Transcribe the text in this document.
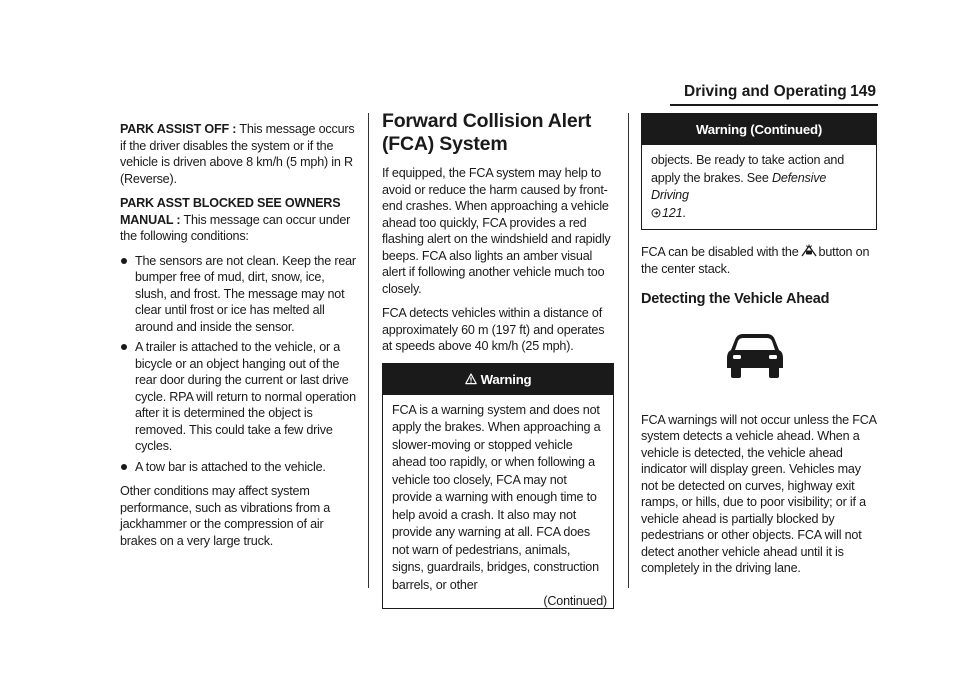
Driving and Operating 149

PARK ASSIST OFF : This message occurs if the driver disables the system or if the vehicle is driven above 8 km/h (5 mph) in R (Reverse).

PARK ASST BLOCKED SEE OWNERS MANUAL : This message can occur under the following conditions:

The sensors are not clean. Keep the rear bumper free of mud, dirt, snow, ice, slush, and frost. The message may not clear until frost or ice has melted all around and inside the sensor.
A trailer is attached to the vehicle, or a bicycle or an object hanging out of the rear door during the current or last drive cycle. RPA will return to normal operation after it is determined the object is removed. This could take a few drive cycles.
A tow bar is attached to the vehicle.

Other conditions may affect system performance, such as vibrations from a jackhammer or the compression of air brakes on a very large truck.

Forward Collision Alert (FCA) System

If equipped, the FCA system may help to avoid or reduce the harm caused by front-end crashes. When approaching a vehicle ahead too quickly, FCA provides a red flashing alert on the windshield and rapidly beeps. FCA also lights an amber visual alert if following another vehicle much too closely.

FCA detects vehicles within a distance of approximately 60 m (197 ft) and operates at speeds above 40 km/h (25 mph).

Warning
FCA is a warning system and does not apply the brakes. When approaching a slower-moving or stopped vehicle ahead too rapidly, or when following a vehicle too closely, FCA may not provide a warning with enough time to help avoid a crash. It also may not provide any warning at all. FCA does not warn of pedestrians, animals, signs, guardrails, bridges, construction barrels, or other
(Continued)
Warning (Continued)
objects. Be ready to take action and apply the brakes. See Defensive Driving
121.

FCA can be disabled with the button on the center stack.

Detecting the Vehicle Ahead

FCA warnings will not occur unless the FCA system detects a vehicle ahead. When a vehicle is detected, the vehicle ahead indicator will display green. Vehicles may not be detected on curves, highway exit ramps, or hills, due to poor visibility; or if a vehicle ahead is partially blocked by pedestrians or other objects. FCA will not detect another vehicle ahead until it is completely in the driving lane.
